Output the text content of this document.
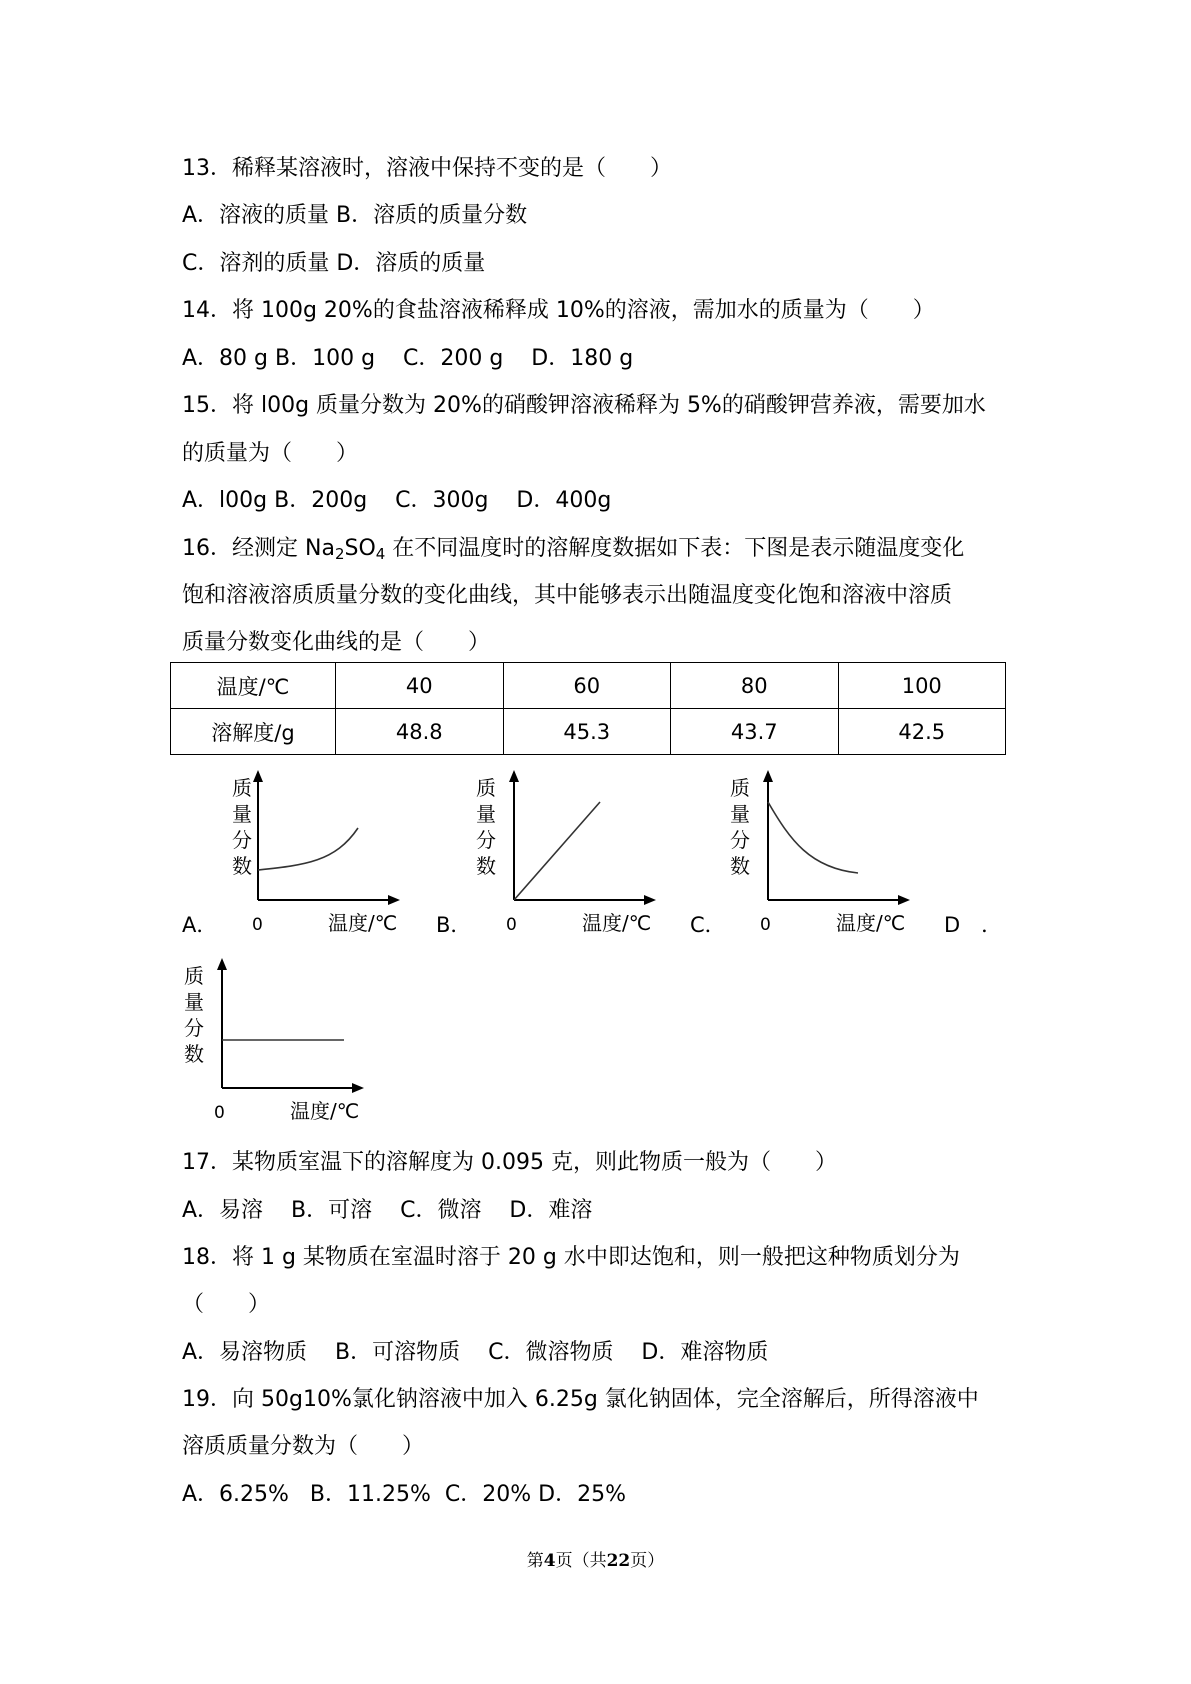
13．稀释某溶液时，溶液中保持不变的是（　　）
A．溶液的质量 B．溶质的质量分数
C．溶剂的质量 D．溶质的质量
14．将 100g 20%的食盐溶液稀释成 10%的溶液，需加水的质量为（　　）
A．80 g B．100 g    C．200 g    D．180 g
15．将 l00g 质量分数为 20%的硝酸钾溶液稀释为 5%的硝酸钾营养液，需要加水
的质量为（　　）
A．l00g B．200g    C．300g    D．400g
16．经测定 $Na_2SO_4$ 在不同温度时的溶解度数据如下表：下图是表示随温度变化
饱和溶液溶质质量分数的变化曲线，其中能够表示出随温度变化饱和溶液中溶质
质量分数变化曲线的是（　　）
温度/℃	40	60	80	100
溶解度/g	48.8	45.3	43.7	42.5
A．	B．	C．	D　．
质
量
分
数
0	温度/℃
质
量
分
数
0	温度/℃
质
量
分
数
0	温度/℃
质
量
分
数
0	温度/℃
17．某物质室温下的溶解度为 0.095 克，则此物质一般为（　　）
A．易溶    B．可溶    C．微溶    D．难溶
18．将 1 g 某物质在室温时溶于 20 g 水中即达饱和，则一般把这种物质划分为
（　　）
A．易溶物质    B．可溶物质    C．微溶物质    D．难溶物质
19．向 50g10%氯化钠溶液中加入 6.25g 氯化钠固体，完全溶解后，所得溶液中
溶质质量分数为（　　）
A．6.25%   B．11.25%  C．20% D．25%
第4页（共22页）
